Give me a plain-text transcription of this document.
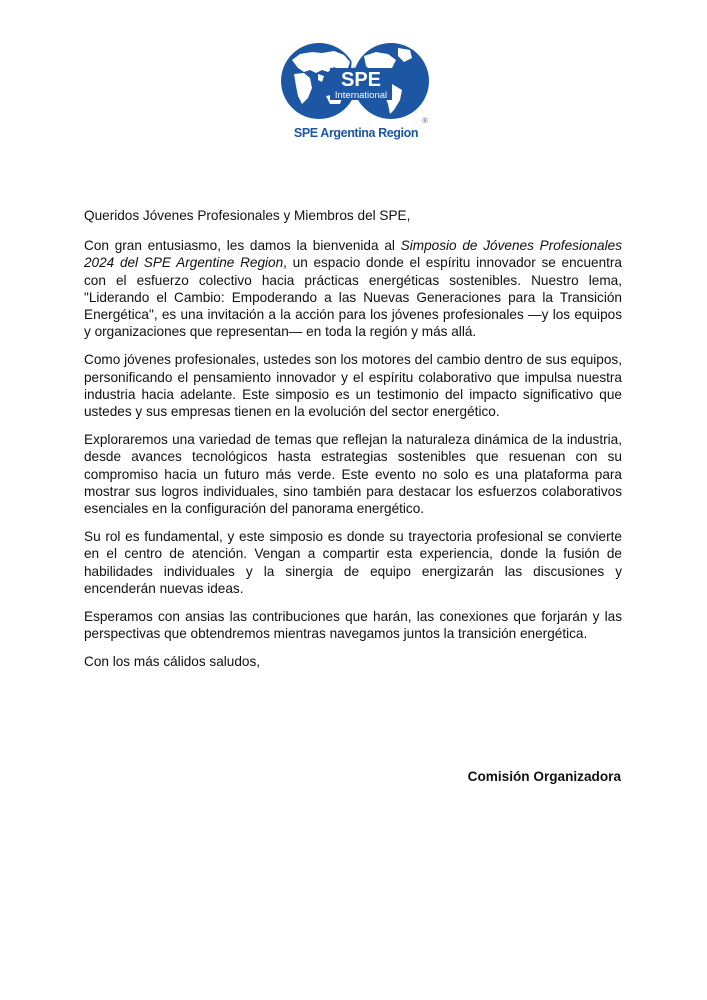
SPE
International
®
SPE Argentina Region

Queridos Jóvenes Profesionales y Miembros del SPE,

Con gran entusiasmo, les damos la bienvenida al Simposio de Jóvenes Profesionales 2024 del SPE Argentine Region, un espacio donde el espíritu innovador se encuentra con el esfuerzo colectivo hacia prácticas energéticas sostenibles. Nuestro lema, "Liderando el Cambio: Empoderando a las Nuevas Generaciones para la Transición Energética", es una invitación a la acción para los jóvenes profesionales —y los equipos y organizaciones que representan— en toda la región y más allá.

Como jóvenes profesionales, ustedes son los motores del cambio dentro de sus equipos, personificando el pensamiento innovador y el espíritu colaborativo que impulsa nuestra industria hacia adelante. Este simposio es un testimonio del impacto significativo que ustedes y sus empresas tienen en la evolución del sector energético.

Exploraremos una variedad de temas que reflejan la naturaleza dinámica de la industria, desde avances tecnológicos hasta estrategias sostenibles que resuenan con su compromiso hacia un futuro más verde. Este evento no solo es una plataforma para mostrar sus logros individuales, sino también para destacar los esfuerzos colaborativos esenciales en la configuración del panorama energético.

Su rol es fundamental, y este simposio es donde su trayectoria profesional se convierte en el centro de atención. Vengan a compartir esta experiencia, donde la fusión de habilidades individuales y la sinergia de equipo energizarán las discusiones y encenderán nuevas ideas.

Esperamos con ansias las contribuciones que harán, las conexiones que forjarán y las perspectivas que obtendremos mientras navegamos juntos la transición energética.

Con los más cálidos saludos,

Comisión Organizadora
